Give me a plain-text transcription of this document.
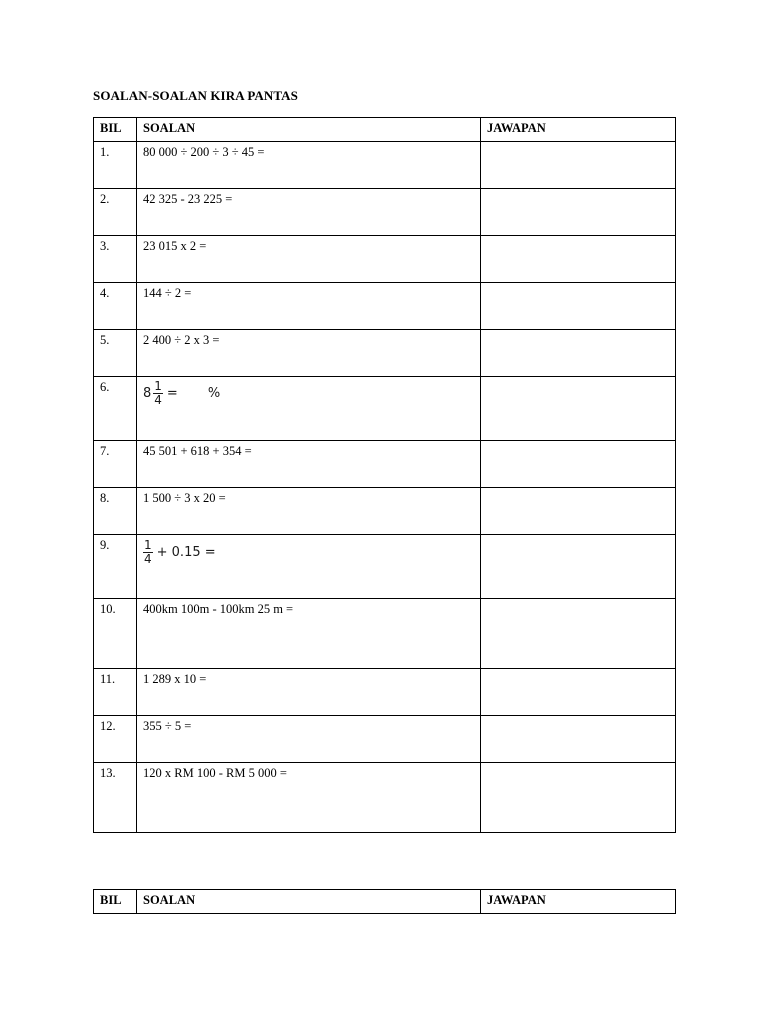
SOALAN-SOALAN KIRA PANTAS
BIL	SOALAN	JAWAPAN
1.	80 000 ÷ 200 ÷ 3 ÷ 45 =	
2.	42 325 - 23 225 =	
3.	23 015 x 2 =	
4.	144 ÷ 2 =	
5.	2 400 ÷ 2 x 3 =	
6.	$8 \frac{1}{4}$ = %	

7.	45 501 + 618 + 354 =	
8.	1 500 ÷ 3 x 20 =	
9.	$\frac{1}{4} + 0.15$ =	

10.	400km 100m - 100km 25 m =	
11.	1 289 x 10 =	
12.	355 ÷ 5 =	
13.	120 x RM 100 - RM 5 000 =	
BIL	SOALAN	JAWAPAN
